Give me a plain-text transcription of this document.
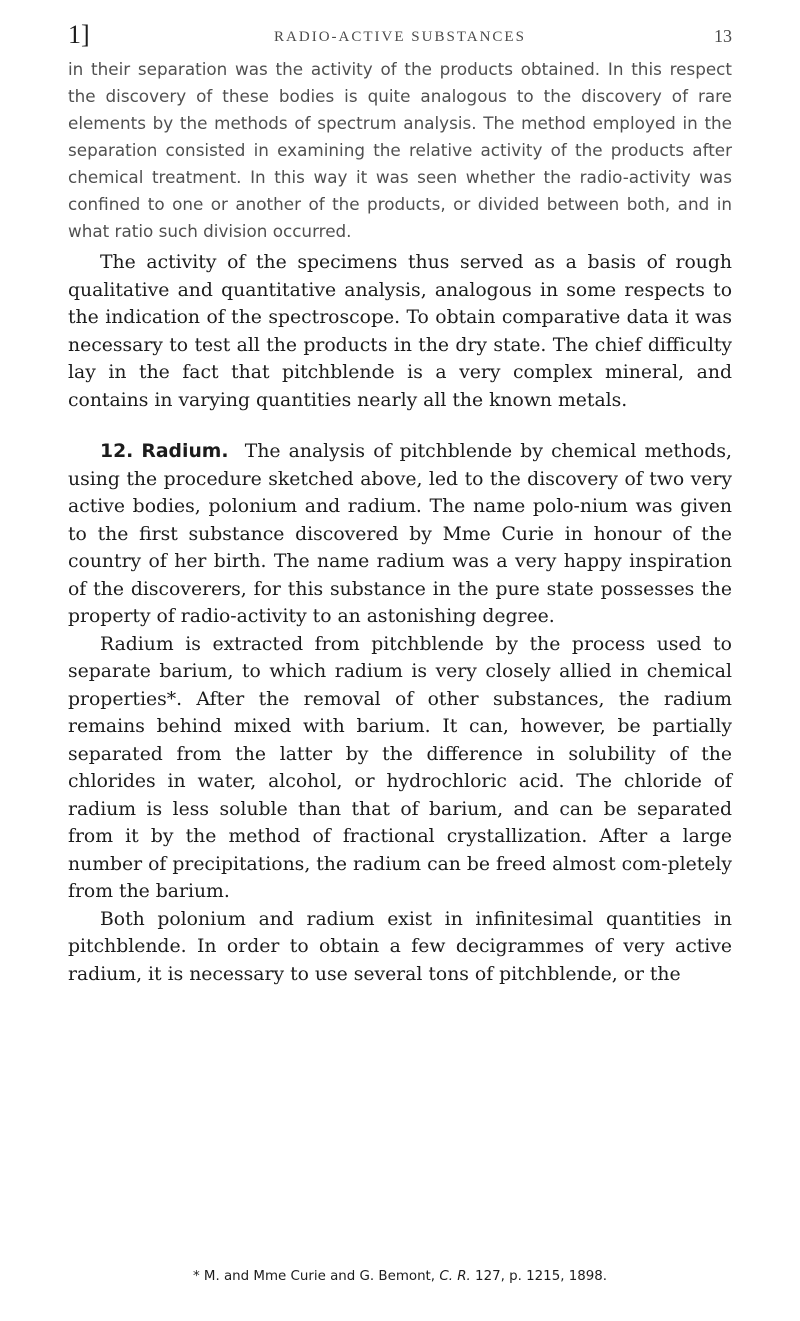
1]	RADIO-ACTIVE SUBSTANCES	13

in their separation was the activity of the products obtained. In this respect the discovery of these bodies is quite analogous to the discovery of rare elements by the methods of spectrum analysis. The method employed in the separation consisted in examining the relative activity of the products after chemical treatment. In this way it was seen whether the radio-activity was confined to one or another of the products, or divided between both, and in what ratio such division occurred.

The activity of the specimens thus served as a basis of rough qualitative and quantitative analysis, analogous in some respects to the indication of the spectroscope. To obtain comparative data it was necessary to test all the products in the dry state. The chief difficulty lay in the fact that pitchblende is a very complex mineral, and contains in varying quantities nearly all the known metals.

12. Radium. The analysis of pitchblende by chemical methods, using the procedure sketched above, led to the discovery of two very active bodies, polonium and radium. The name polo-nium was given to the first substance discovered by Mme Curie in honour of the country of her birth. The name radium was a very happy inspiration of the discoverers, for this substance in the pure state possesses the property of radio-activity to an astonishing degree.

Radium is extracted from pitchblende by the process used to separate barium, to which radium is very closely allied in chemical properties*. After the removal of other substances, the radium remains behind mixed with barium. It can, however, be partially separated from the latter by the difference in solubility of the chlorides in water, alcohol, or hydrochloric acid. The chloride of radium is less soluble than that of barium, and can be separated from it by the method of fractional crystallization. After a large number of precipitations, the radium can be freed almost com-pletely from the barium.

Both polonium and radium exist in infinitesimal quantities in pitchblende. In order to obtain a few decigrammes of very active radium, it is necessary to use several tons of pitchblende, or the

* M. and Mme Curie and G. Bemont, C. R. 127, p. 1215, 1898.
